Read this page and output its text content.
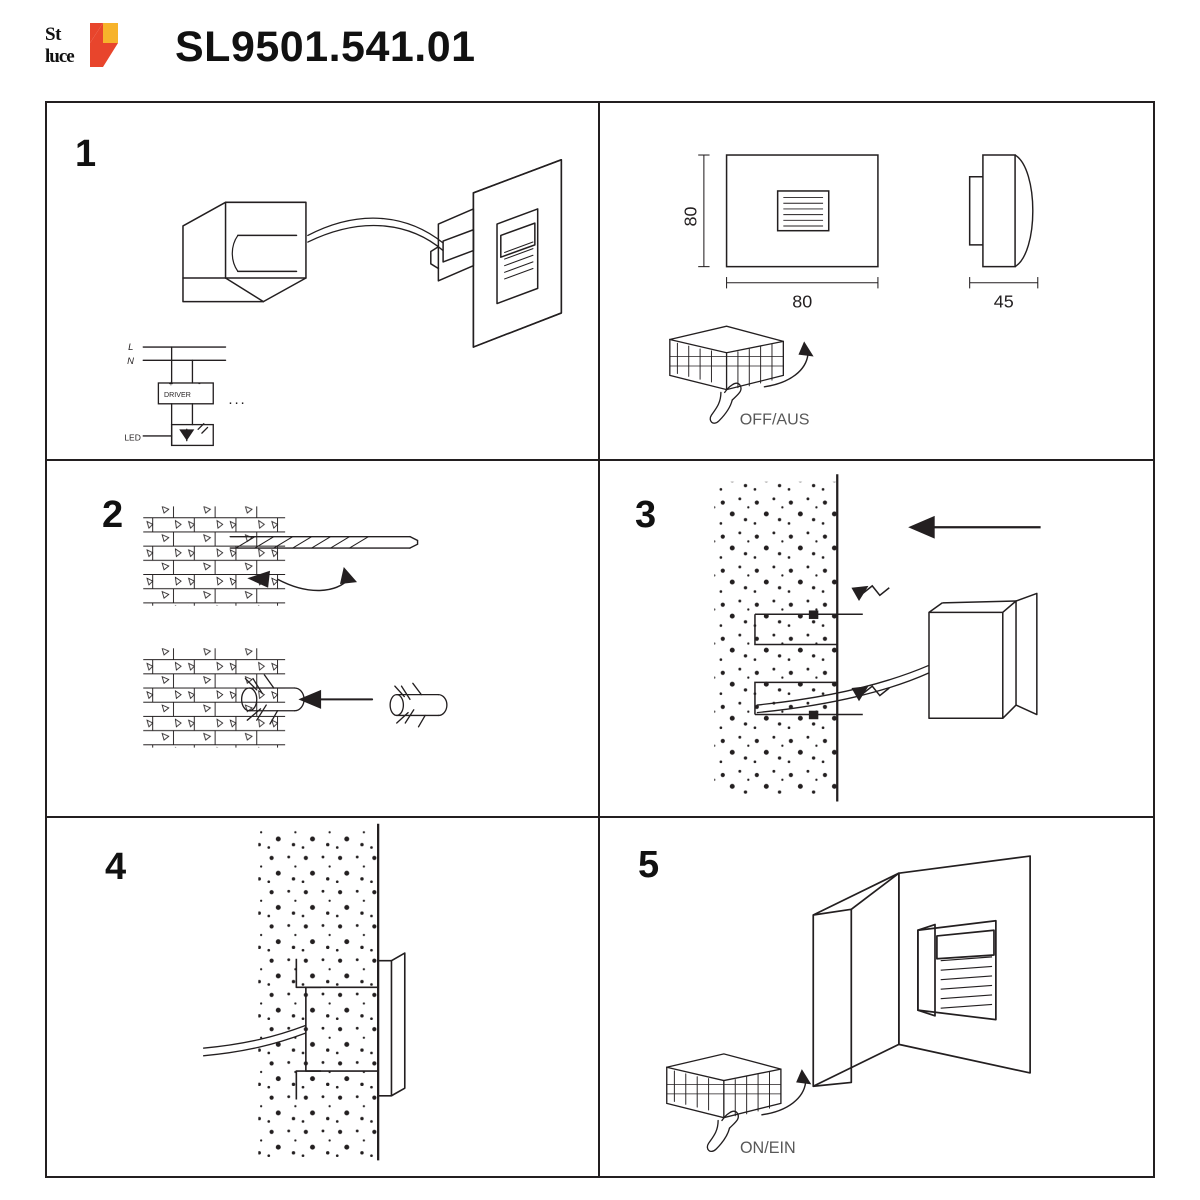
St
luce SL9501.541.01
1
L
N
DRIVER
+	-
LED
...
80
80	45
OFF/AUS
2	3
4	5
ON/EIN
